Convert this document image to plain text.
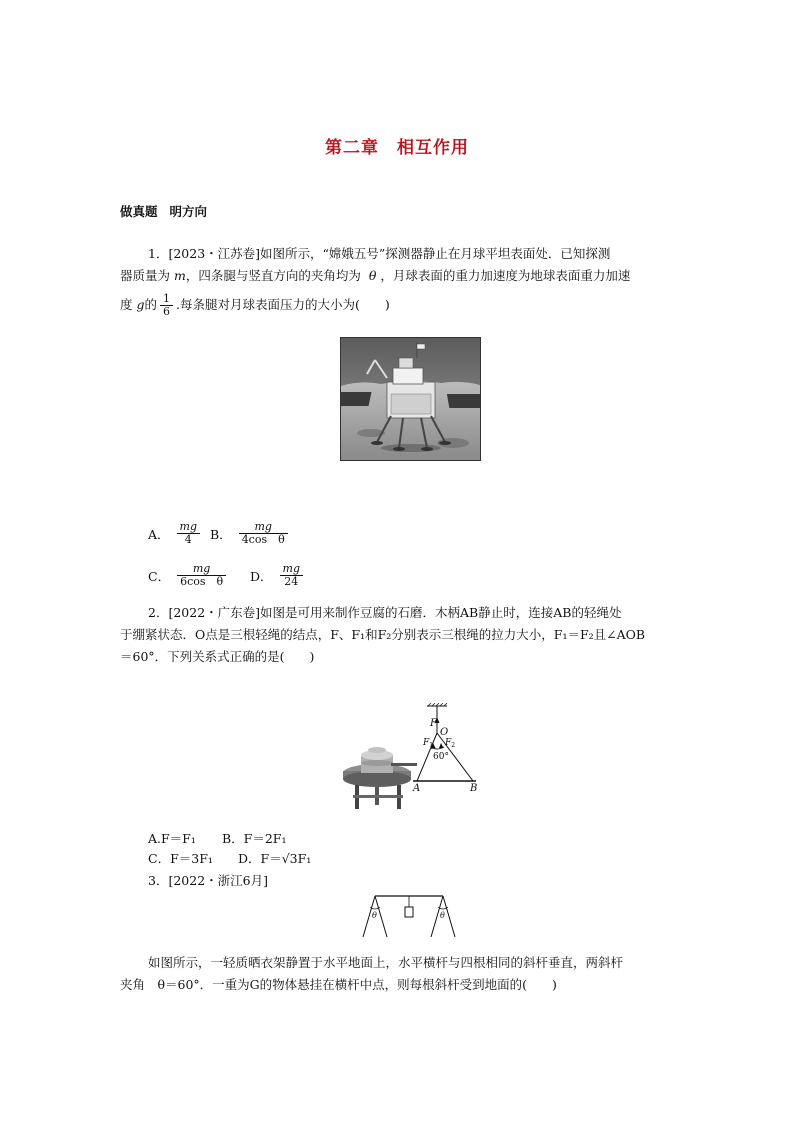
第二章 相互作用
做真题 明方向
1．[2023・江苏卷]如图所示，“嫦娥五号”探测器静止在月球平坦表面处．已知探测
器质量为 m，四条腿与竖直方向的夹角均为 θ ，月球表面的重力加速度为地球表面重力加速
度 g的 $\frac{1}{6}$ .每条腿对月球表面压力的大小为(　　)
A． $\frac{mg}{4}$ B． $\frac{mg}{\text{4cos　θ}}$
C． $\frac{mg}{\text{6cos　θ}}$ D． $\frac{mg}{24}$
2．[2022・广东卷]如图是可用来制作豆腐的石磨．木柄AB静止时，连接AB的轻绳处
于绷紧状态．O点是三根轻绳的结点，F、F₁和F₂分别表示三根绳的拉力大小，F₁＝F₂且∠AOB
＝60°．下列关系式正确的是(　　)
F
O
$F_1$ $F_2$
60°
A	B
A.F＝F₁ B．F＝2F₁
C．F＝3F₁ D．F＝√3F₁
3．[2022・浙江6月]
θ	θ
如图所示，一轻质晒衣架静置于水平地面上，水平横杆与四根相同的斜杆垂直，两斜杆
夹角　θ＝60°．一重为G的物体悬挂在横杆中点，则每根斜杆受到地面的(　　)
